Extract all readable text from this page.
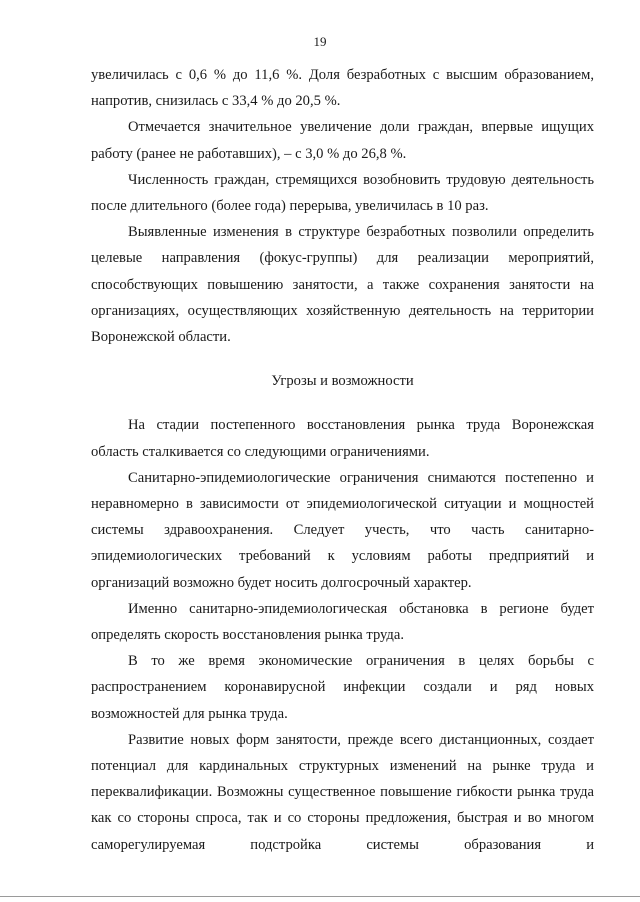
19

увеличилась с 0,6 % до 11,6 %. Доля безработных с высшим образованием, напротив, снизилась с 33,4 % до 20,5 %.

Отмечается значительное увеличение доли граждан, впервые ищущих работу (ранее не работавших), – с 3,0 % до 26,8 %.

Численность граждан, стремящихся возобновить трудовую деятельность после длительного (более года) перерыва, увеличилась в 10 раз.

Выявленные изменения в структуре безработных позволили определить целевые направления (фокус-группы) для реализации мероприятий, способствующих повышению занятости, а также сохранения занятости на организациях, осуществляющих хозяйственную деятельность на территории Воронежской области.

Угрозы и возможности

На стадии постепенного восстановления рынка труда Воронежская область сталкивается со следующими ограничениями.

Санитарно-эпидемиологические ограничения снимаются постепенно и неравномерно в зависимости от эпидемиологической ситуации и мощностей системы здравоохранения. Следует учесть, что часть санитарно- эпидемиологических требований к условиям работы предприятий и организаций возможно будет носить долгосрочный характер.

Именно санитарно-эпидемиологическая обстановка в регионе будет определять скорость восстановления рынка труда.

В то же время экономические ограничения в целях борьбы с распространением коронавирусной инфекции создали и ряд новых возможностей для рынка труда.

Развитие новых форм занятости, прежде всего дистанционных, создает потенциал для кардинальных структурных изменений на рынке труда и переквалификации. Возможны существенное повышение гибкости рынка труда как со стороны спроса, так и со стороны предложения, быстрая и во многом саморегулируемая подстройка системы образования и
